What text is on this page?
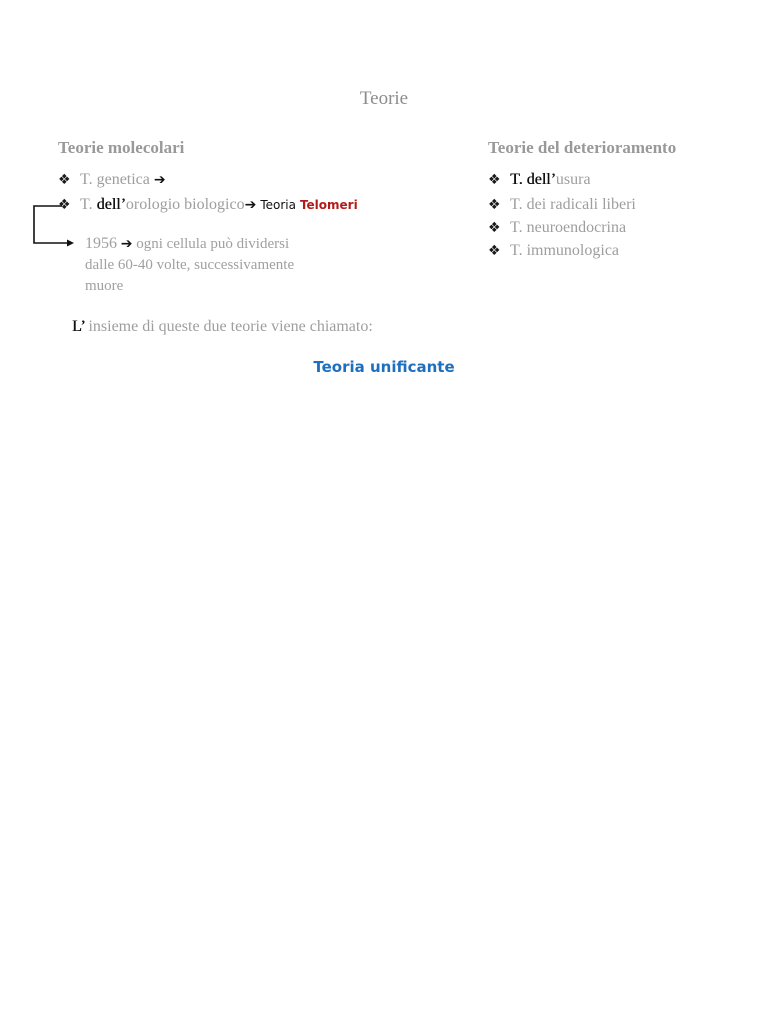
Teorie
Teorie molecolari
❖ T. genetica ➔
❖ T. dell’orologio biologico➔ Teoria Telomeri
1956 ➔ ogni cellula può dividersi dalle 60-40 volte, successivamente muore
Teorie del deterioramento
❖ T. dell’usura
❖ T. dei radicali liberi
❖ T. neuroendocrina
❖ T. immunologica
L’ insieme di queste due teorie viene chiamato:
Teoria unificante
